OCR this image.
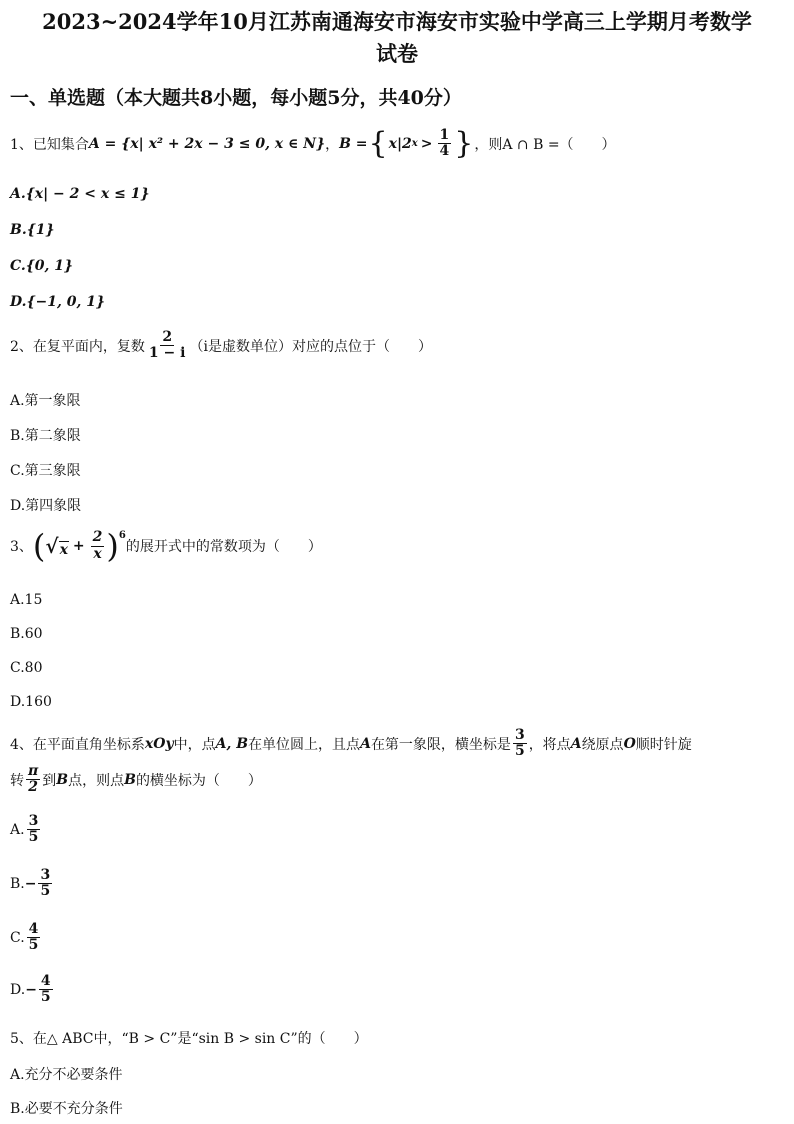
2023~2024学年10月江苏南通海安市海安市实验中学高三上学期月考数学
试卷
一、单选题（本大题共8小题，每小题5分，共40分）
1、已知集合 A = {x| x² + 2x − 3 ≤ 0, x ∈ N} ， B = { x|2 $x > \frac{1}{4}$ } ，则A ∩ B =（　　）
A.{x| − 2 < x ≤ 1}
B.{1}
C.{0, 1}
D.{−1, 0, 1}
2、在复平面内，复数 $\frac{2}{1 - i} (i$是虚数单位）对应的点位于（　　）
A.第一象限
B.第二象限
C.第三象限
D.第四象限
3、 ( √ $x + \frac{2}{x} )^6$
的展开式中的常数项为（　　）
A.15
B.60
C.80
D.160
4、在平面直角坐标系 xOy 中，点 A, B 在单位圆上，且点 A 在第一象限，横坐标是 $\frac{3}{5}$ ，将点 A 绕原点 O 顺时针旋
转 $\frac{\pi}{2}$ 到 B 点，则点 B 的横坐标为（　　）
A. $\frac{3}{5}$
B. − $\frac{3}{5}$
C. $\frac{4}{5}$
D. − $\frac{4}{5}$
5、在△ ABC中，“B > C”是“sin B > sin C”的（　　）
A.充分不必要条件
B.必要不充分条件
